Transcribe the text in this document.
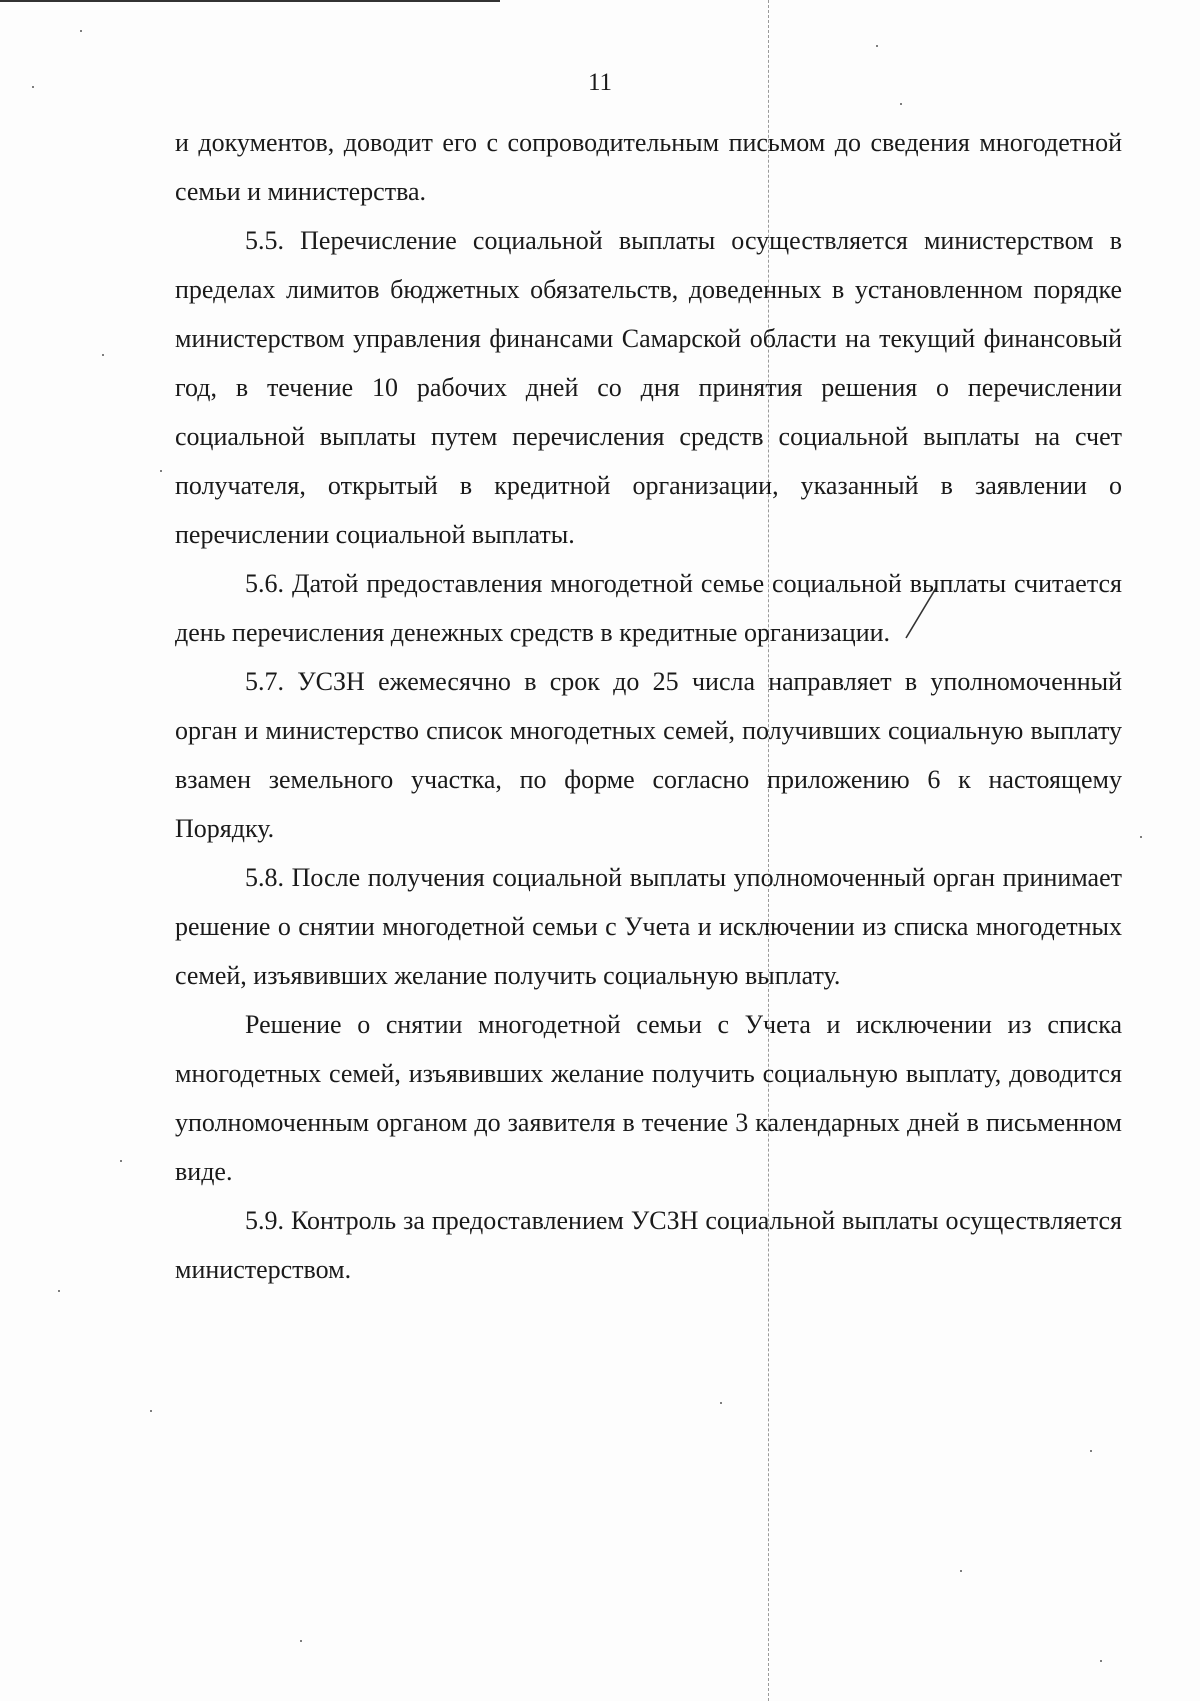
11

и документов, доводит его с сопроводительным письмом до сведения многодетной семьи и министерства.

5.5. Перечисление социальной выплаты осуществляется министерством в пределах лимитов бюджетных обязательств, доведенных в установленном порядке министерством управления финансами Самарской области на текущий финансовый год, в течение 10 рабочих дней со дня принятия решения о перечислении социальной выплаты путем перечисления средств социальной выплаты на счет получателя, открытый в кредитной организации, указанный в заявлении о перечислении социальной выплаты.

5.6. Датой предоставления многодетной семье социальной выплаты считается день перечисления денежных средств в кредитные организации.

5.7. УСЗН ежемесячно в срок до 25 числа направляет в уполномоченный орган и министерство список многодетных семей, получивших социальную выплату взамен земельного участка, по форме согласно приложению 6 к настоящему Порядку.

5.8. После получения социальной выплаты уполномоченный орган принимает решение о снятии многодетной семьи с Учета и исключении из списка многодетных семей, изъявивших желание получить социальную выплату.

Решение о снятии многодетной семьи с Учета и исключении из списка многодетных семей, изъявивших желание получить социальную выплату, доводится уполномоченным органом до заявителя в течение 3 календарных дней в письменном виде.

5.9. Контроль за предоставлением УСЗН социальной выплаты осуществляется министерством.
